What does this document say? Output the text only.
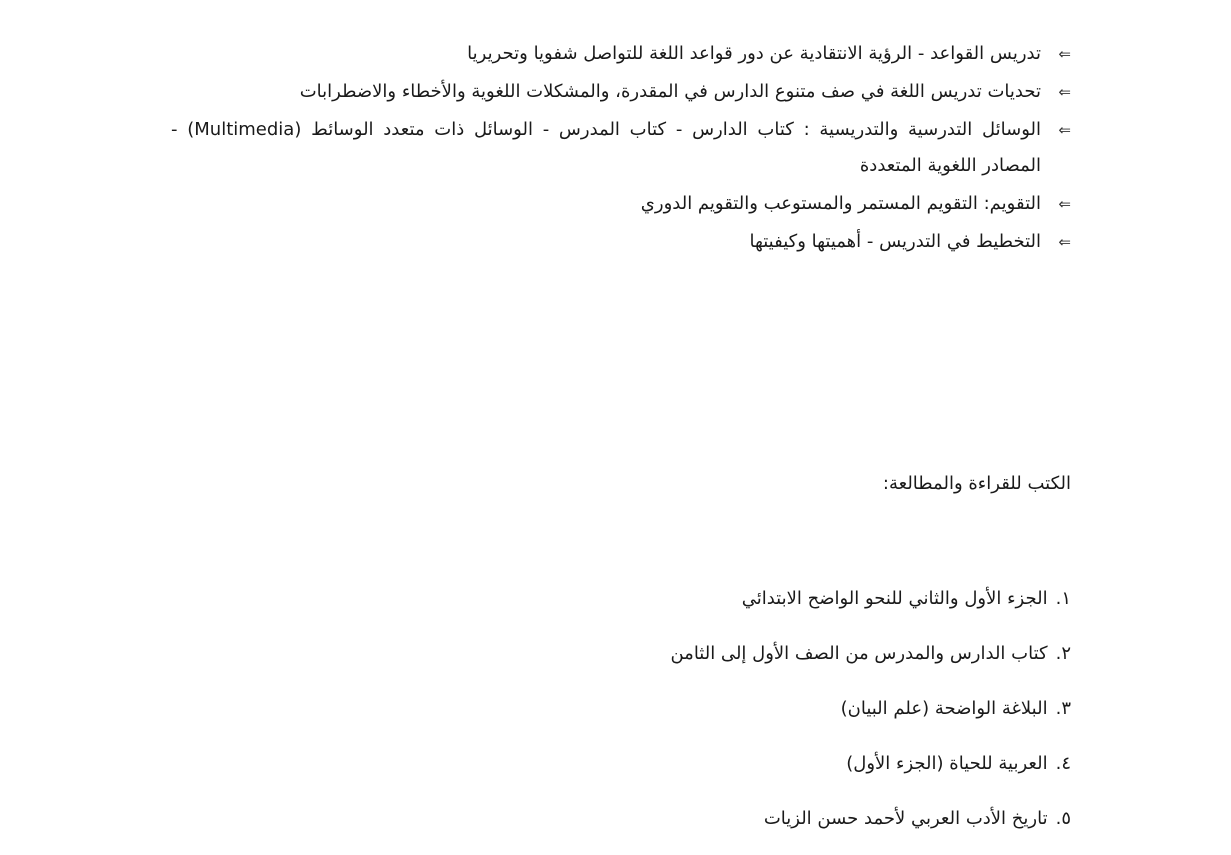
⇐
تدريس القواعد - الرؤية الانتقادية عن دور قواعد اللغة للتواصل شفويا وتحريريا
⇐
تحديات تدريس اللغة في صف متنوع الدارس في المقدرة، والمشكلات اللغوية والأخطاء والاضطرابات
⇐
الوسائل التدرسية والتدريسية : كتاب الدارس - كتاب المدرس - الوسائل ذات متعدد الوسائط (Multimedia) - المصادر اللغوية المتعددة
⇐
التقويم: التقويم المستمر والمستوعب والتقويم الدوري
⇐
التخطيط في التدريس - أهميتها وكيفيتها
الكتب للقراءة والمطالعة:
١.الجزء الأول والثاني للنحو الواضح الابتدائي
٢.كتاب الدارس والمدرس من الصف الأول إلى الثامن
٣.البلاغة الواضحة (علم البيان)
٤.العربية للحياة (الجزء الأول)
٥.تاريخ الأدب العربي لأحمد حسن الزيات
